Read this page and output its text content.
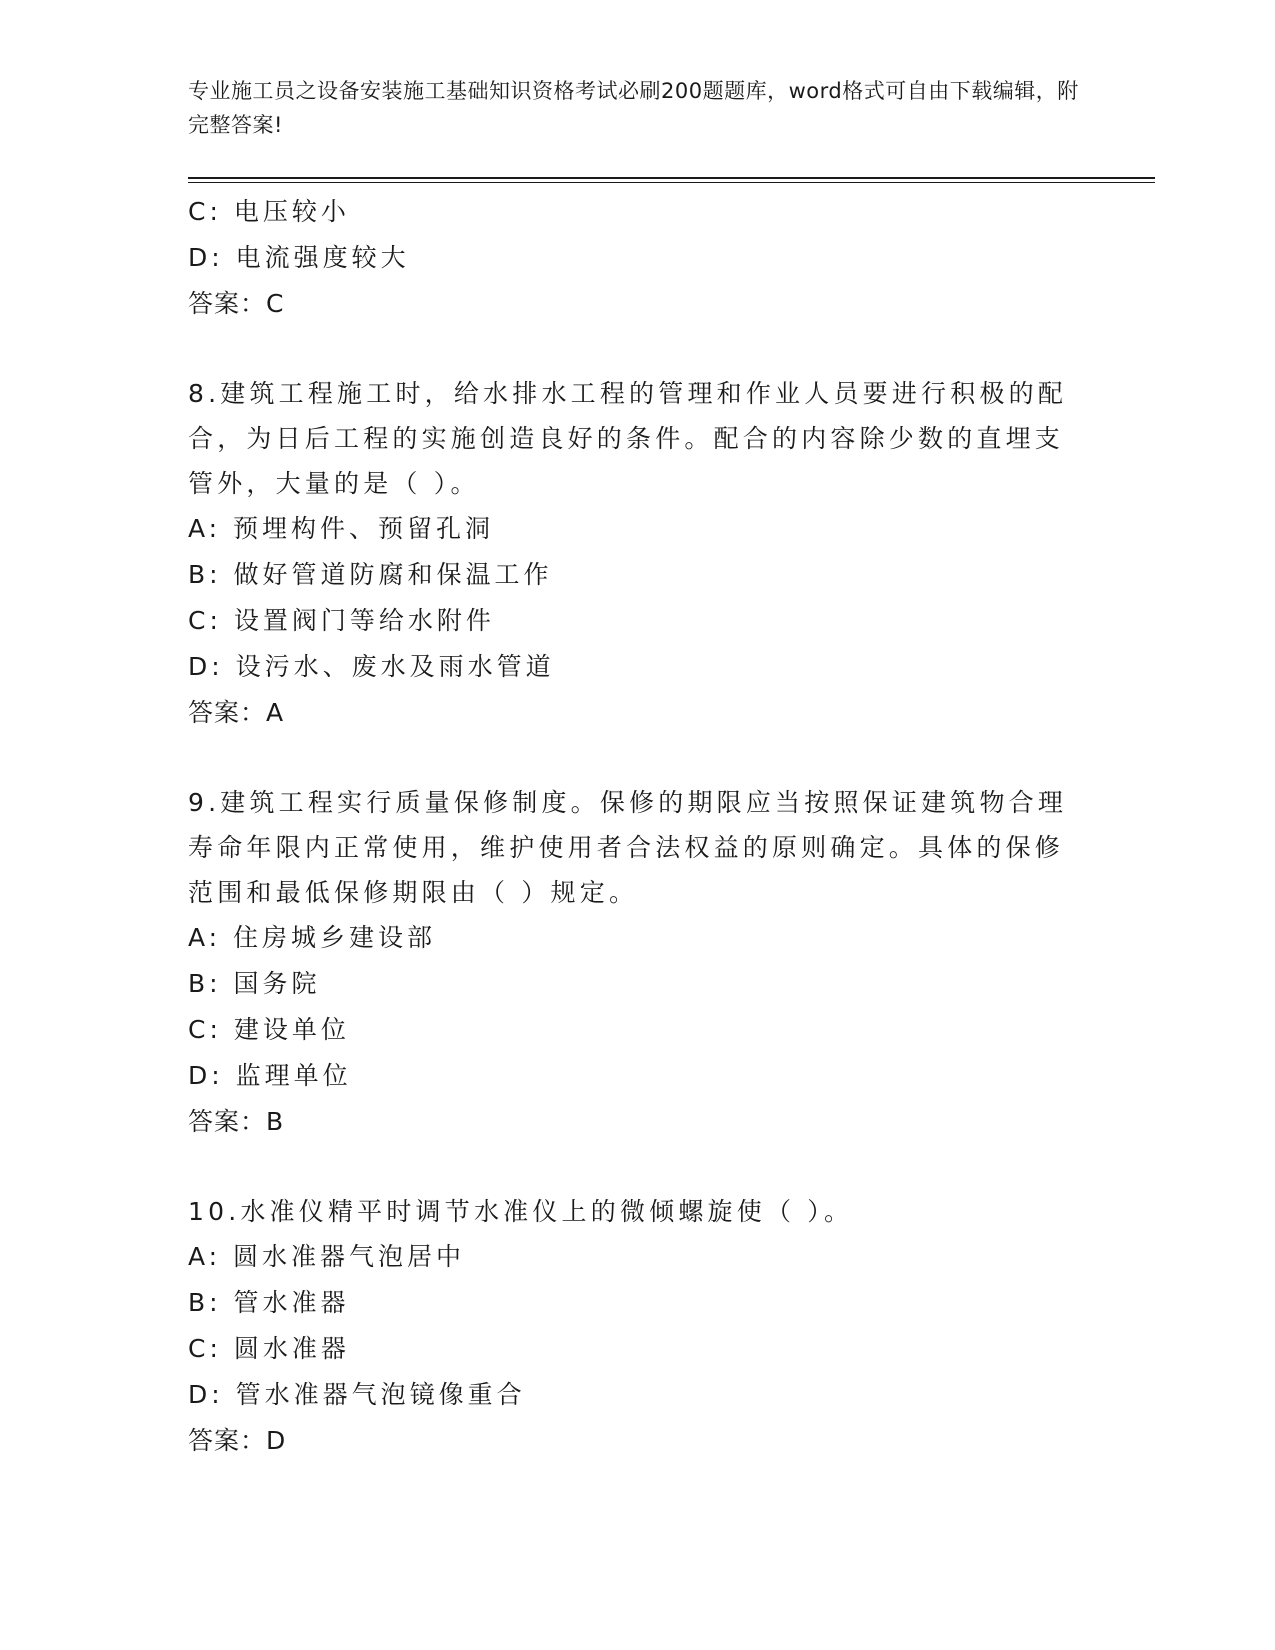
专业施工员之设备安装施工基础知识资格考试必刷200题题库，word格式可自由下载编辑，附完整答案!
C: 电压较小
D: 电流强度较大
答案：C
8.建筑工程施工时，给水排水工程的管理和作业人员要进行积极的配合，为日后工程的实施创造良好的条件。配合的内容除少数的直埋支管外，大量的是（ ）。
A: 预埋构件、预留孔洞
B: 做好管道防腐和保温工作
C: 设置阀门等给水附件
D: 设污水、废水及雨水管道
答案：A
9.建筑工程实行质量保修制度。保修的期限应当按照保证建筑物合理寿命年限内正常使用，维护使用者合法权益的原则确定。具体的保修范围和最低保修期限由（ ）规定。
A: 住房城乡建设部
B: 国务院
C: 建设单位
D: 监理单位
答案：B
10.水准仪精平时调节水准仪上的微倾螺旋使（ ）。
A: 圆水准器气泡居中
B: 管水准器
C: 圆水准器
D: 管水准器气泡镜像重合
答案：D
